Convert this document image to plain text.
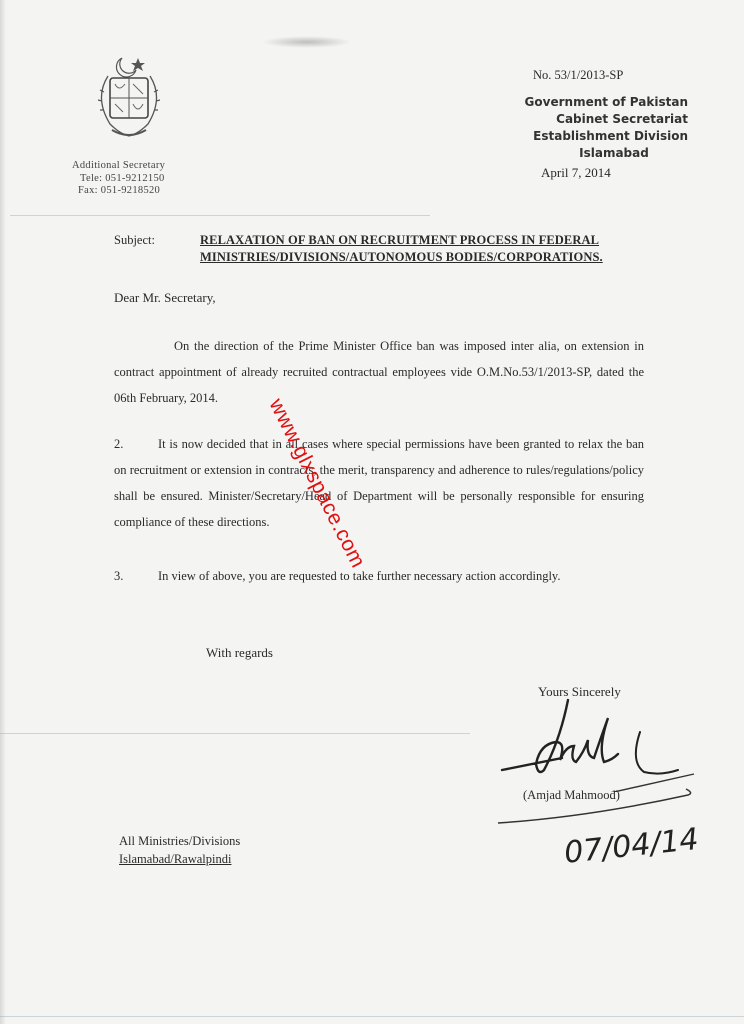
Additional Secretary
Tele: 051-9212150
Fax: 051-9218520
No. 53/1/2013-SP
Government of Pakistan
Cabinet Secretariat
Establishment Division
Islamabad
April 7, 2014
Subject:	RELAXATION OF BAN ON RECRUITMENT PROCESS IN FEDERAL MINISTRIES/DIVISIONS/AUTONOMOUS BODIES/CORPORATIONS.
Dear Mr. Secretary,
On the direction of the Prime Minister Office ban was imposed inter alia, on extension in contract appointment of already recruited contractual employees vide O.M.No.53/1/2013-SP, dated the 06th February, 2014.
2.	It is now decided that in all cases where special permissions have been granted to relax the ban on recruitment or extension in contracts, the merit, transparency and adherence to rules/regulations/policy shall be ensured. Minister/Secretary/Head of Department will be personally responsible for ensuring compliance of these directions.
3.	In view of above, you are requested to take further necessary action accordingly.
With regards
Yours Sincerely
(Amjad Mahmood)
07/04/14
All Ministries/Divisions
Islamabad/Rawalpindi
www.glxspace.com
